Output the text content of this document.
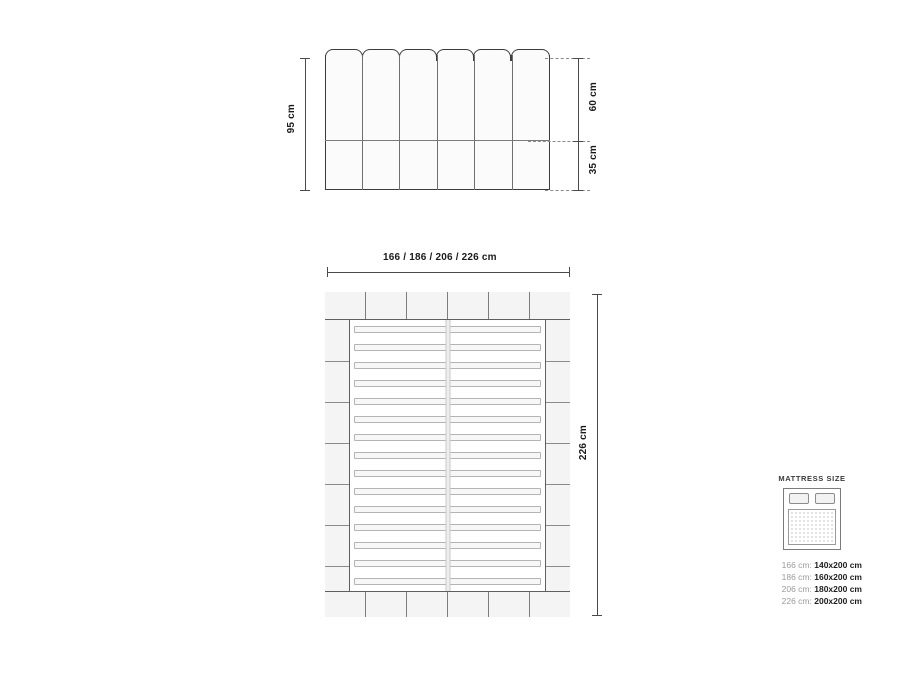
95 cm
60 cm
35 cm
166 / 186 / 206 / 226 cm
226 cm
MATTRESS SIZE
166 cm: 140x200 cm
186 cm: 160x200 cm
206 cm: 180x200 cm
226 cm: 200x200 cm
